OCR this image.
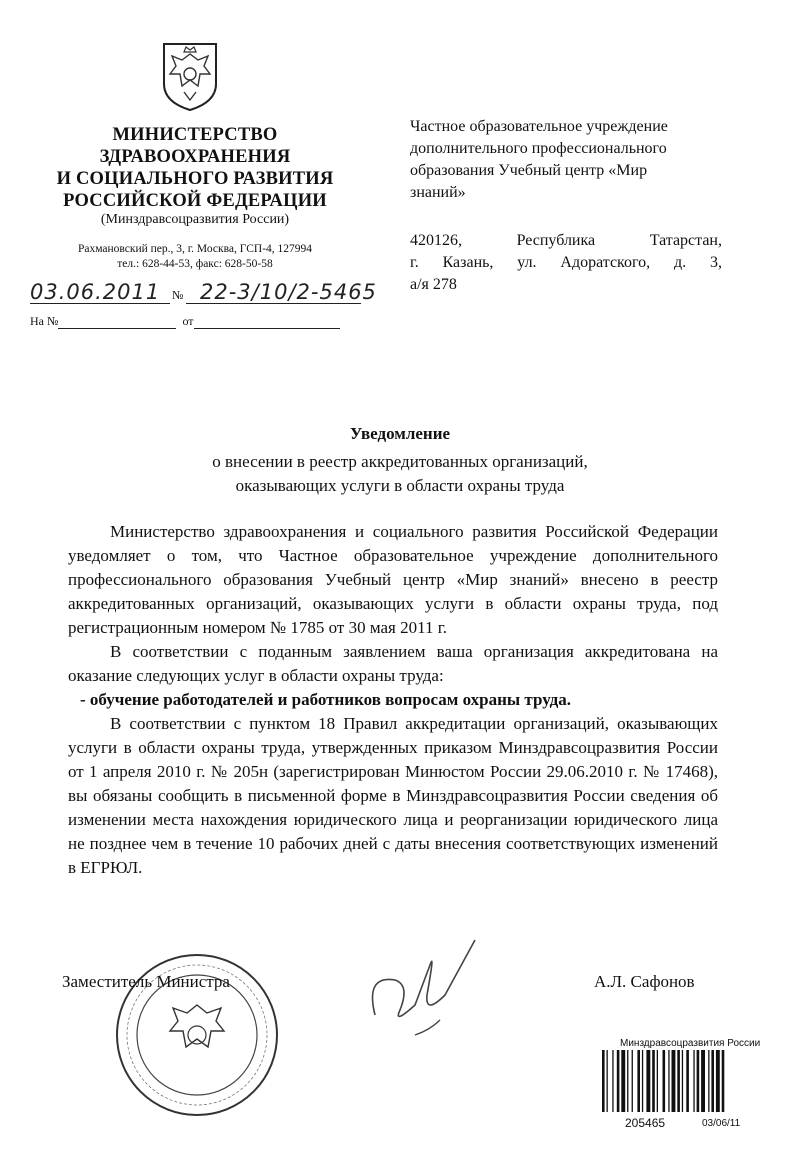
МИНИСТЕРСТВО
ЗДРАВООХРАНЕНИЯ
И СОЦИАЛЬНОГО РАЗВИТИЯ
РОССИЙСКОЙ ФЕДЕРАЦИИ
(Минздравсоцразвития России)
Рахмановский пер., 3, г. Москва, ГСП-4, 127994
тел.: 628-44-53, факс: 628-50-58
03.06.2011 № 22-3/10/2-5465
На №	от
Частное образовательное учреждение
дополнительного профессионального
образования Учебный центр «Мир
знаний»
420126, Республика Татарстан,
г. Казань, ул. Адоратского, д. 3,
а/я 278
Уведомление
о внесении в реестр аккредитованных организаций,
оказывающих услуги в области охраны труда

Министерство здравоохранения и социального развития Российской Федерации уведомляет о том, что Частное образовательное учреждение дополнительного профессионального образования Учебный центр «Мир знаний» внесено в реестр аккредитованных организаций, оказывающих услуги в области охраны труда, под регистрационным номером № 1785 от 30 мая 2011 г.

В соответствии с поданным заявлением ваша организация аккредитована на оказание следующих услуг в области охраны труда:

- обучение работодателей и работников вопросам охраны труда.

В соответствии с пунктом 18 Правил аккредитации организаций, оказывающих услуги в области охраны труда, утвержденных приказом Минздравсоцразвития России от 1 апреля 2010 г. № 205н (зарегистрирован Минюстом России 29.06.2010 г. № 17468), вы обязаны сообщить в письменной форме в Минздравсоцразвития России сведения об изменении места нахождения юридического лица и реорганизации юридического лица не позднее чем в течение 10 рабочих дней с даты внесения соответствующих изменений в ЕГРЮЛ.

Заместитель Министра	А.Л. Сафонов
Минздравсоцразвития России
205465	03/06/11
